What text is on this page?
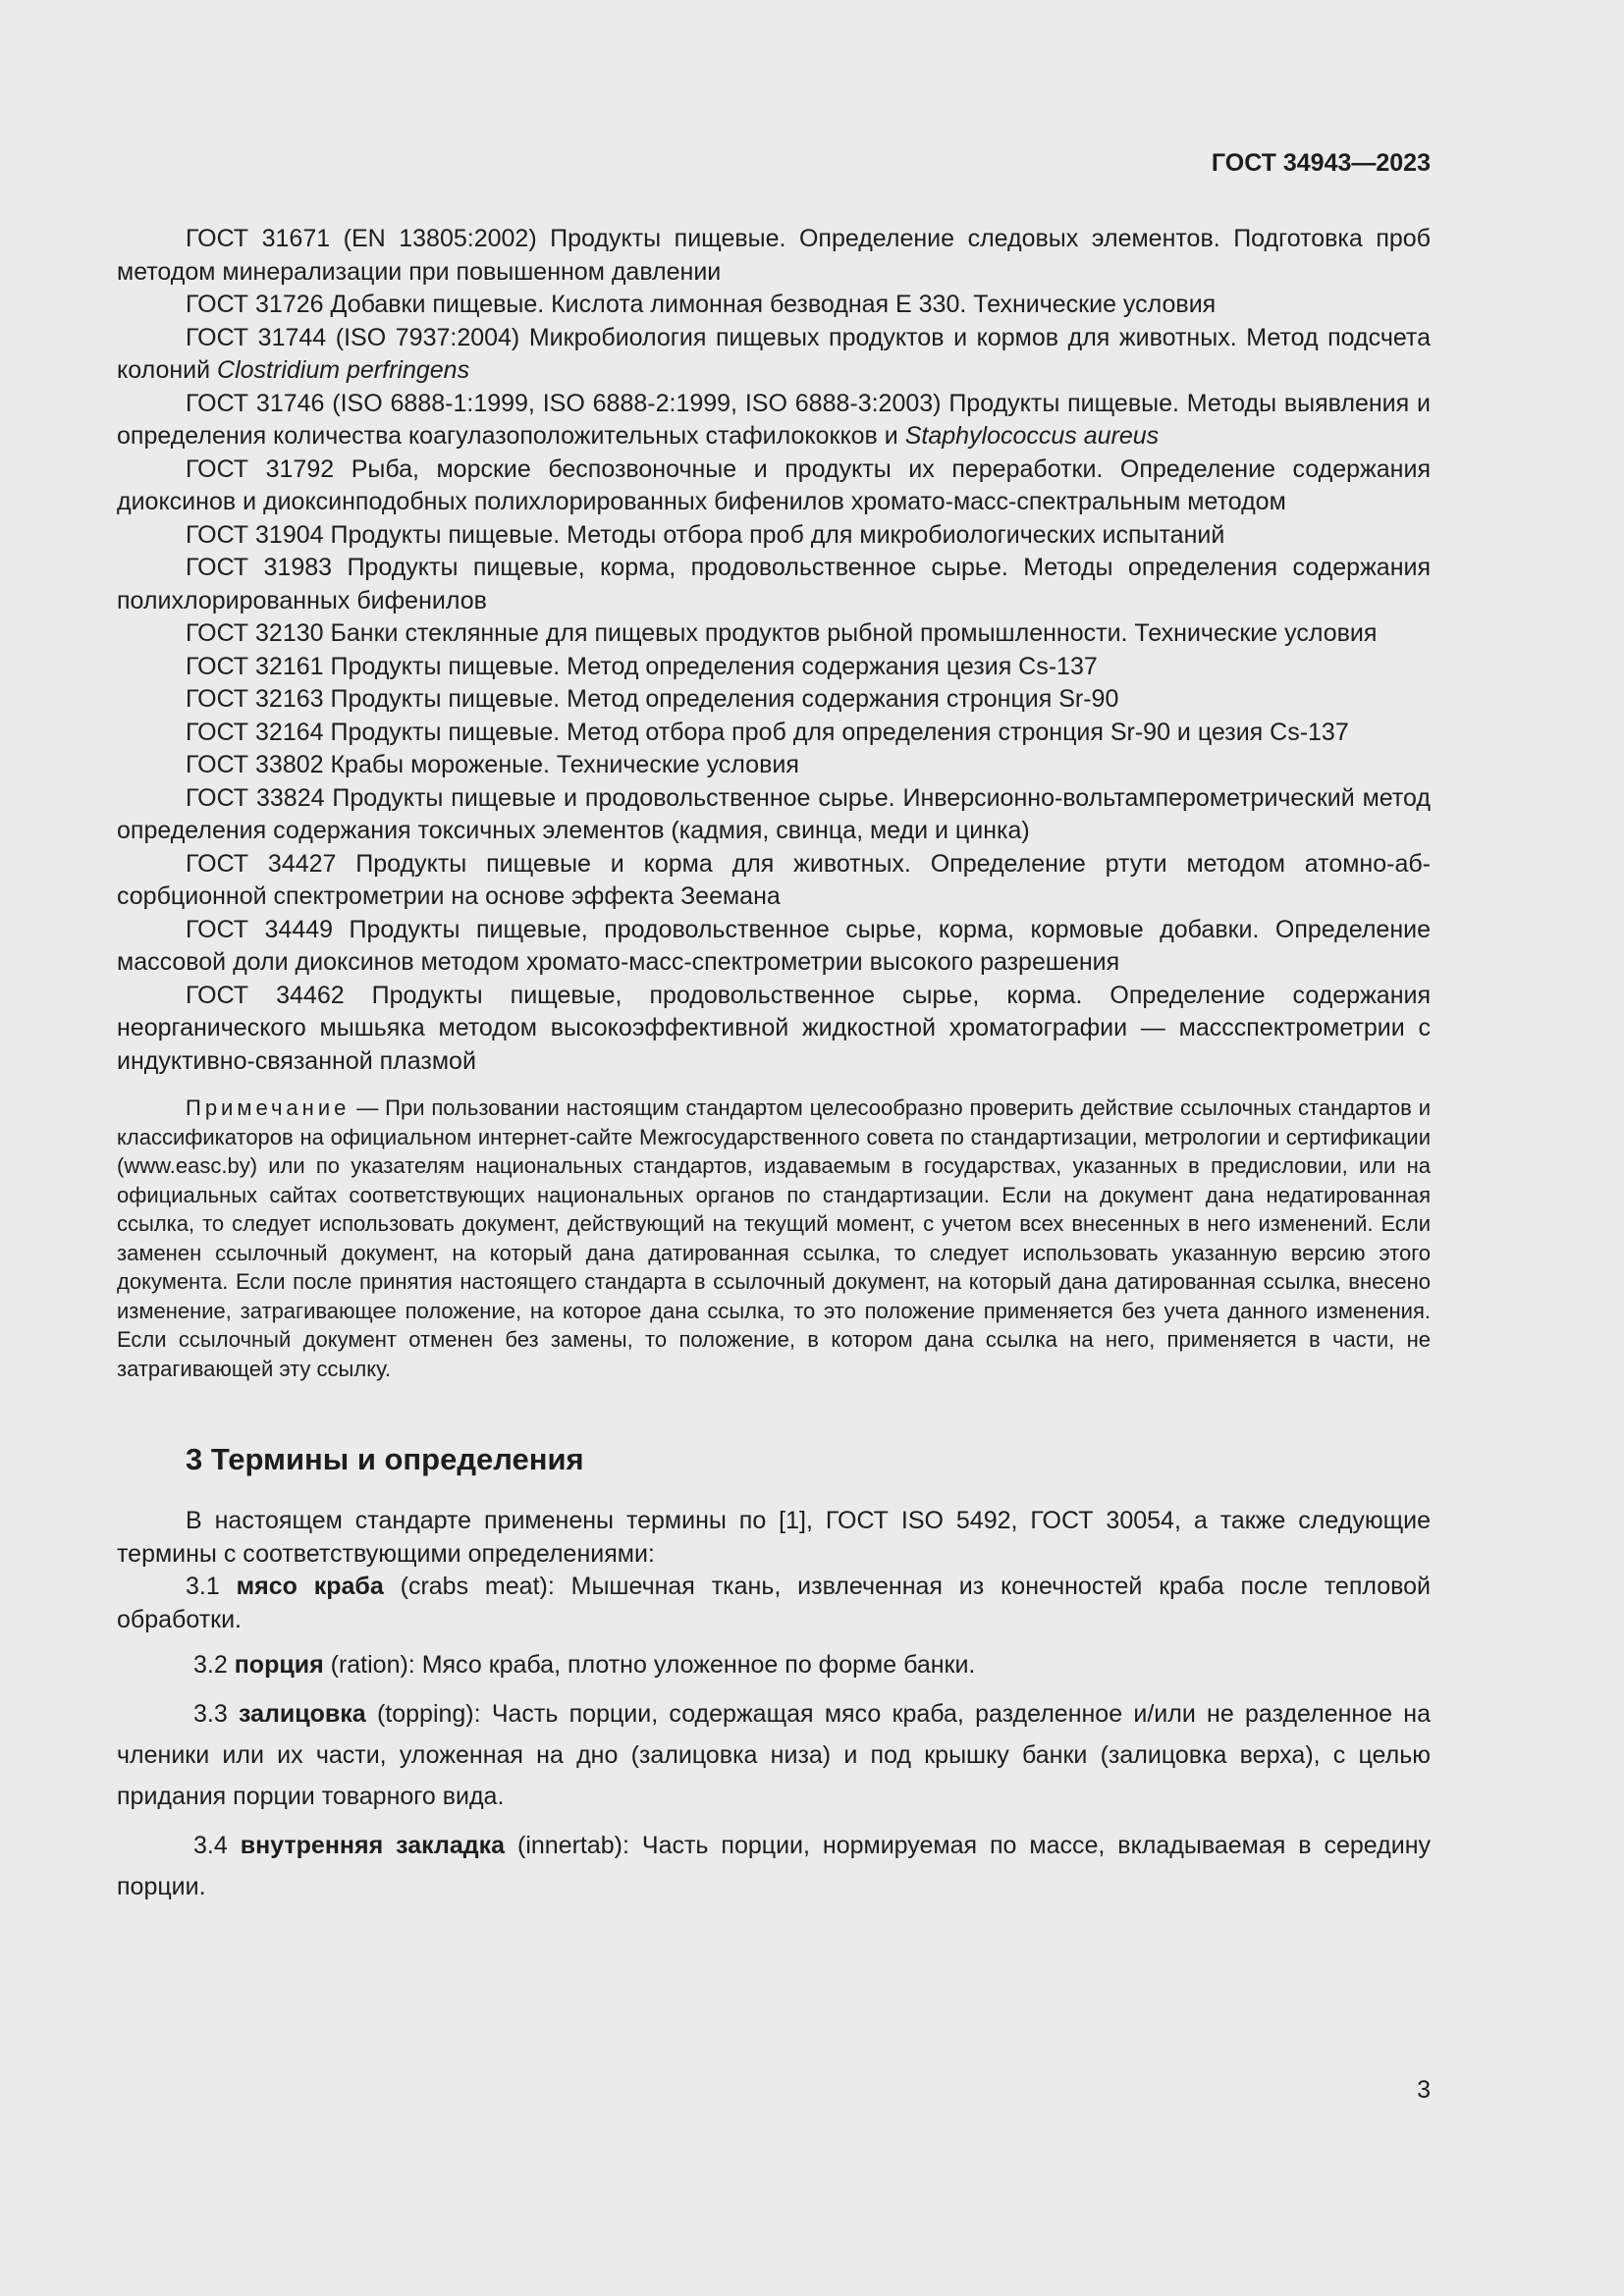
ГОСТ 34943—2023

ГОСТ 31671 (EN 13805:2002) Продукты пищевые. Определение следовых элементов. Подготовка проб методом минерализации при повышенном давлении

ГОСТ 31726 Добавки пищевые. Кислота лимонная безводная Е 330. Технические условия

ГОСТ 31744 (ISO 7937:2004) Микробиология пищевых продуктов и кормов для животных. Метод подсчета колоний Clostridium perfringens

ГОСТ 31746 (ISO 6888-1:1999, ISO 6888-2:1999, ISO 6888-3:2003) Продукты пищевые. Методы выявления и определения количества коагулазоположительных стафилококков и Staphylococcus aureus

ГОСТ 31792 Рыба, морские беспозвоночные и продукты их переработки. Определение содержания диоксинов и диоксинподобных полихлорированных бифенилов хромато-масс-спектральным методом

ГОСТ 31904 Продукты пищевые. Методы отбора проб для микробиологических испытаний

ГОСТ 31983 Продукты пищевые, корма, продовольственное сырье. Методы определения содержания полихлорированных бифенилов

ГОСТ 32130 Банки стеклянные для пищевых продуктов рыбной промышленности. Технические условия

ГОСТ 32161 Продукты пищевые. Метод определения содержания цезия Cs-137

ГОСТ 32163 Продукты пищевые. Метод определения содержания стронция Sr-90

ГОСТ 32164 Продукты пищевые. Метод отбора проб для определения стронция Sr-90 и цезия Cs-137

ГОСТ 33802 Крабы мороженые. Технические условия

ГОСТ 33824 Продукты пищевые и продовольственное сырье. Инверсионно-вольтамперометрический метод определения содержания токсичных элементов (кадмия, свинца, меди и цинка)

ГОСТ 34427 Продукты пищевые и корма для животных. Определение ртути методом атомно-абсорбционной спектрометрии на основе эффекта Зеемана

ГОСТ 34449 Продукты пищевые, продовольственное сырье, корма, кормовые добавки. Определение массовой доли диоксинов методом хромато-масс-спектрометрии высокого разрешения

ГОСТ 34462 Продукты пищевые, продовольственное сырье, корма. Определение содержания неорганического мышьяка методом высокоэффективной жидкостной хроматографии — массспектрометрии с индуктивно-связанной плазмой

Примечание — При пользовании настоящим стандартом целесообразно проверить действие ссылочных стандартов и классификаторов на официальном интернет-сайте Межгосударственного совета по стандартизации, метрологии и сертификации (www.easc.by) или по указателям национальных стандартов, издаваемым в государствах, указанных в предисловии, или на официальных сайтах соответствующих национальных органов по стандартизации. Если на документ дана недатированная ссылка, то следует использовать документ, действующий на текущий момент, с учетом всех внесенных в него изменений. Если заменен ссылочный документ, на который дана датированная ссылка, то следует использовать указанную версию этого документа. Если после принятия настоящего стандарта в ссылочный документ, на который дана датированная ссылка, внесено изменение, затрагивающее положение, на которое дана ссылка, то это положение применяется без учета данного изменения. Если ссылочный документ отменен без замены, то положение, в котором дана ссылка на него, применяется в части, не затрагивающей эту ссылку.

3 Термины и определения

В настоящем стандарте применены термины по [1], ГОСТ ISO 5492, ГОСТ 30054, а также следующие термины с соответствующими определениями:

3.1 мясо краба (crabs meat): Мышечная ткань, извлеченная из конечностей краба после тепловой обработки.

3.2 порция (ration): Мясо краба, плотно уложенное по форме банки.

3.3 залицовка (topping): Часть порции, содержащая мясо краба, разделенное и/или не разделенное на членики или их части, уложенная на дно (залицовка низа) и под крышку банки (залицовка верха), с целью придания порции товарного вида.

3.4 внутренняя закладка (innertab): Часть порции, нормируемая по массе, вкладываемая в середину порции.

3
